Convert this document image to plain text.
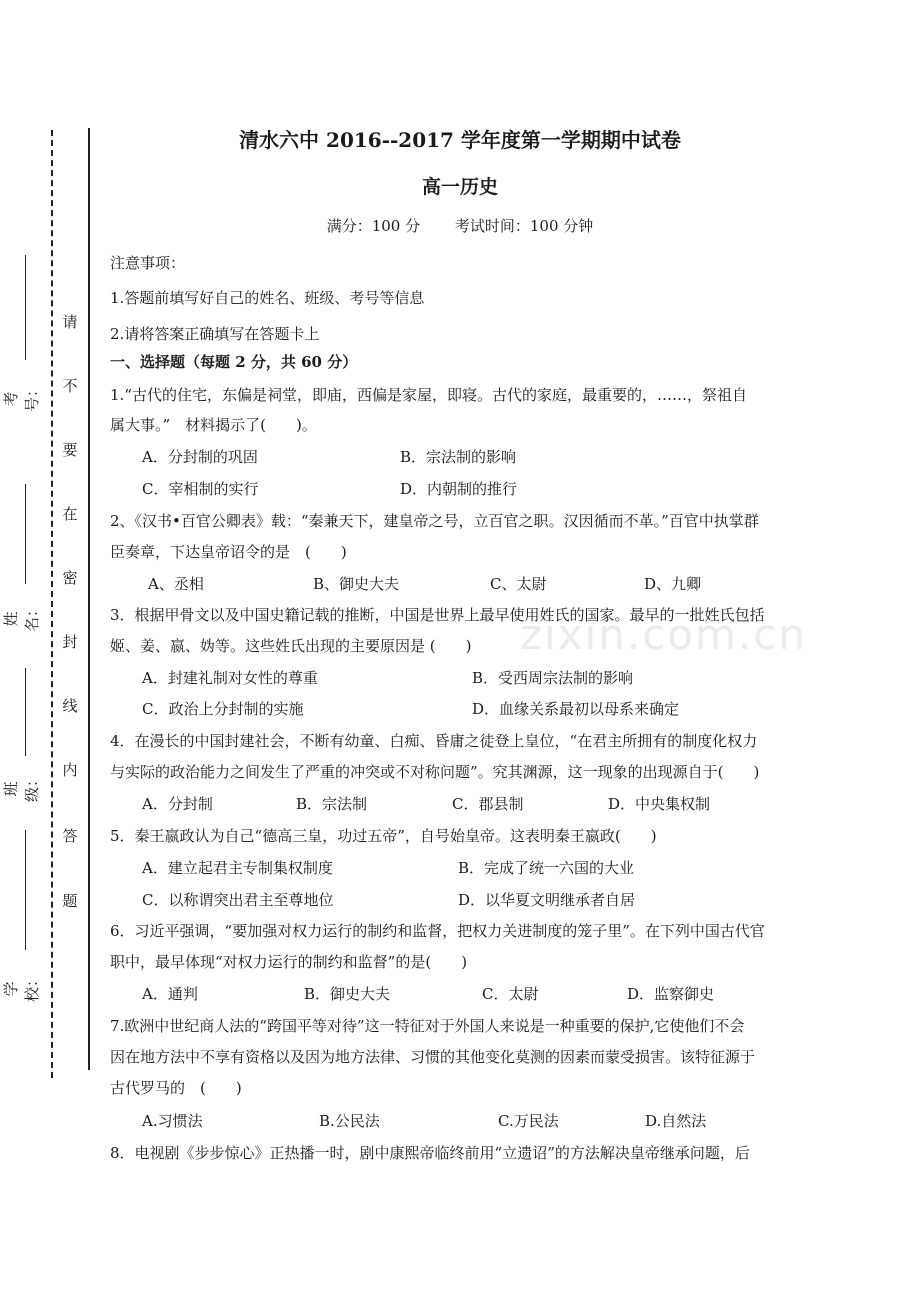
考号：
姓名：
班级：
学校：
请
不
要
在
密
封
线
内
答
题
zixin.com.cn
清水六中 2016--2017 学年度第一学期期中试卷
高一历史
满分：100 分　　 考试时间：100 分钟
注意事项：
1.答题前填写好自己的姓名、班级、考号等信息
2.请将答案正确填写在答题卡上
一、选择题（每题 2 分，共 60 分）
1.“古代的住宅，东偏是祠堂，即庙，西偏是家屋，即寝。古代的家庭，最重要的，……，祭祖自
属大事。”　材料揭示了(　　)。
A．分封制的巩固	B．宗法制的影响
C．宰相制的实行	D．内朝制的推行
2、《汉书•百官公卿表》载：“秦兼天下，建皇帝之号，立百官之职。汉因循而不革。”百官中执掌群
臣奏章，下达皇帝诏令的是　(　　)
A、丞相	B、御史大夫	C、太尉	D、九卿
3．根据甲骨文以及中国史籍记载的推断，中国是世界上最早使用姓氏的国家。最早的一批姓氏包括
姬、姜、嬴、妫等。这些姓氏出现的主要原因是 (　　)
A．封建礼制对女性的尊重	B．受西周宗法制的影响
C．政治上分封制的实施	D．血缘关系最初以母系来确定
4．在漫长的中国封建社会，不断有幼童、白痴、昏庸之徒登上皇位，“在君主所拥有的制度化权力
与实际的政治能力之间发生了严重的冲突或不对称问题”。究其渊源，这一现象的出现源自于(　　)
A．分封制	B．宗法制	C．郡县制	D．中央集权制
5．秦王嬴政认为自己“德高三皇，功过五帝”，自号始皇帝。这表明秦王嬴政(　　)
A．建立起君主专制集权制度	B．完成了统一六国的大业
C．以称谓突出君主至尊地位	D．以华夏文明继承者自居
6．习近平强调，“要加强对权力运行的制约和监督，把权力关进制度的笼子里”。在下列中国古代官
职中，最早体现“对权力运行的制约和监督”的是(　　)
A．通判	B．御史大夫	C．太尉	D．监察御史
7.欧洲中世纪商人法的“跨国平等对待”这一特征对于外国人来说是一种重要的保护,它使他们不会
因在地方法中不享有资格以及因为地方法律、习惯的其他变化莫测的因素而蒙受损害。该特征源于
古代罗马的　(　　)
A.习惯法	B.公民法	C.万民法	D.自然法
8．电视剧《步步惊心》正热播一时，剧中康熙帝临终前用“立遗诏”的方法解决皇帝继承问题，后
